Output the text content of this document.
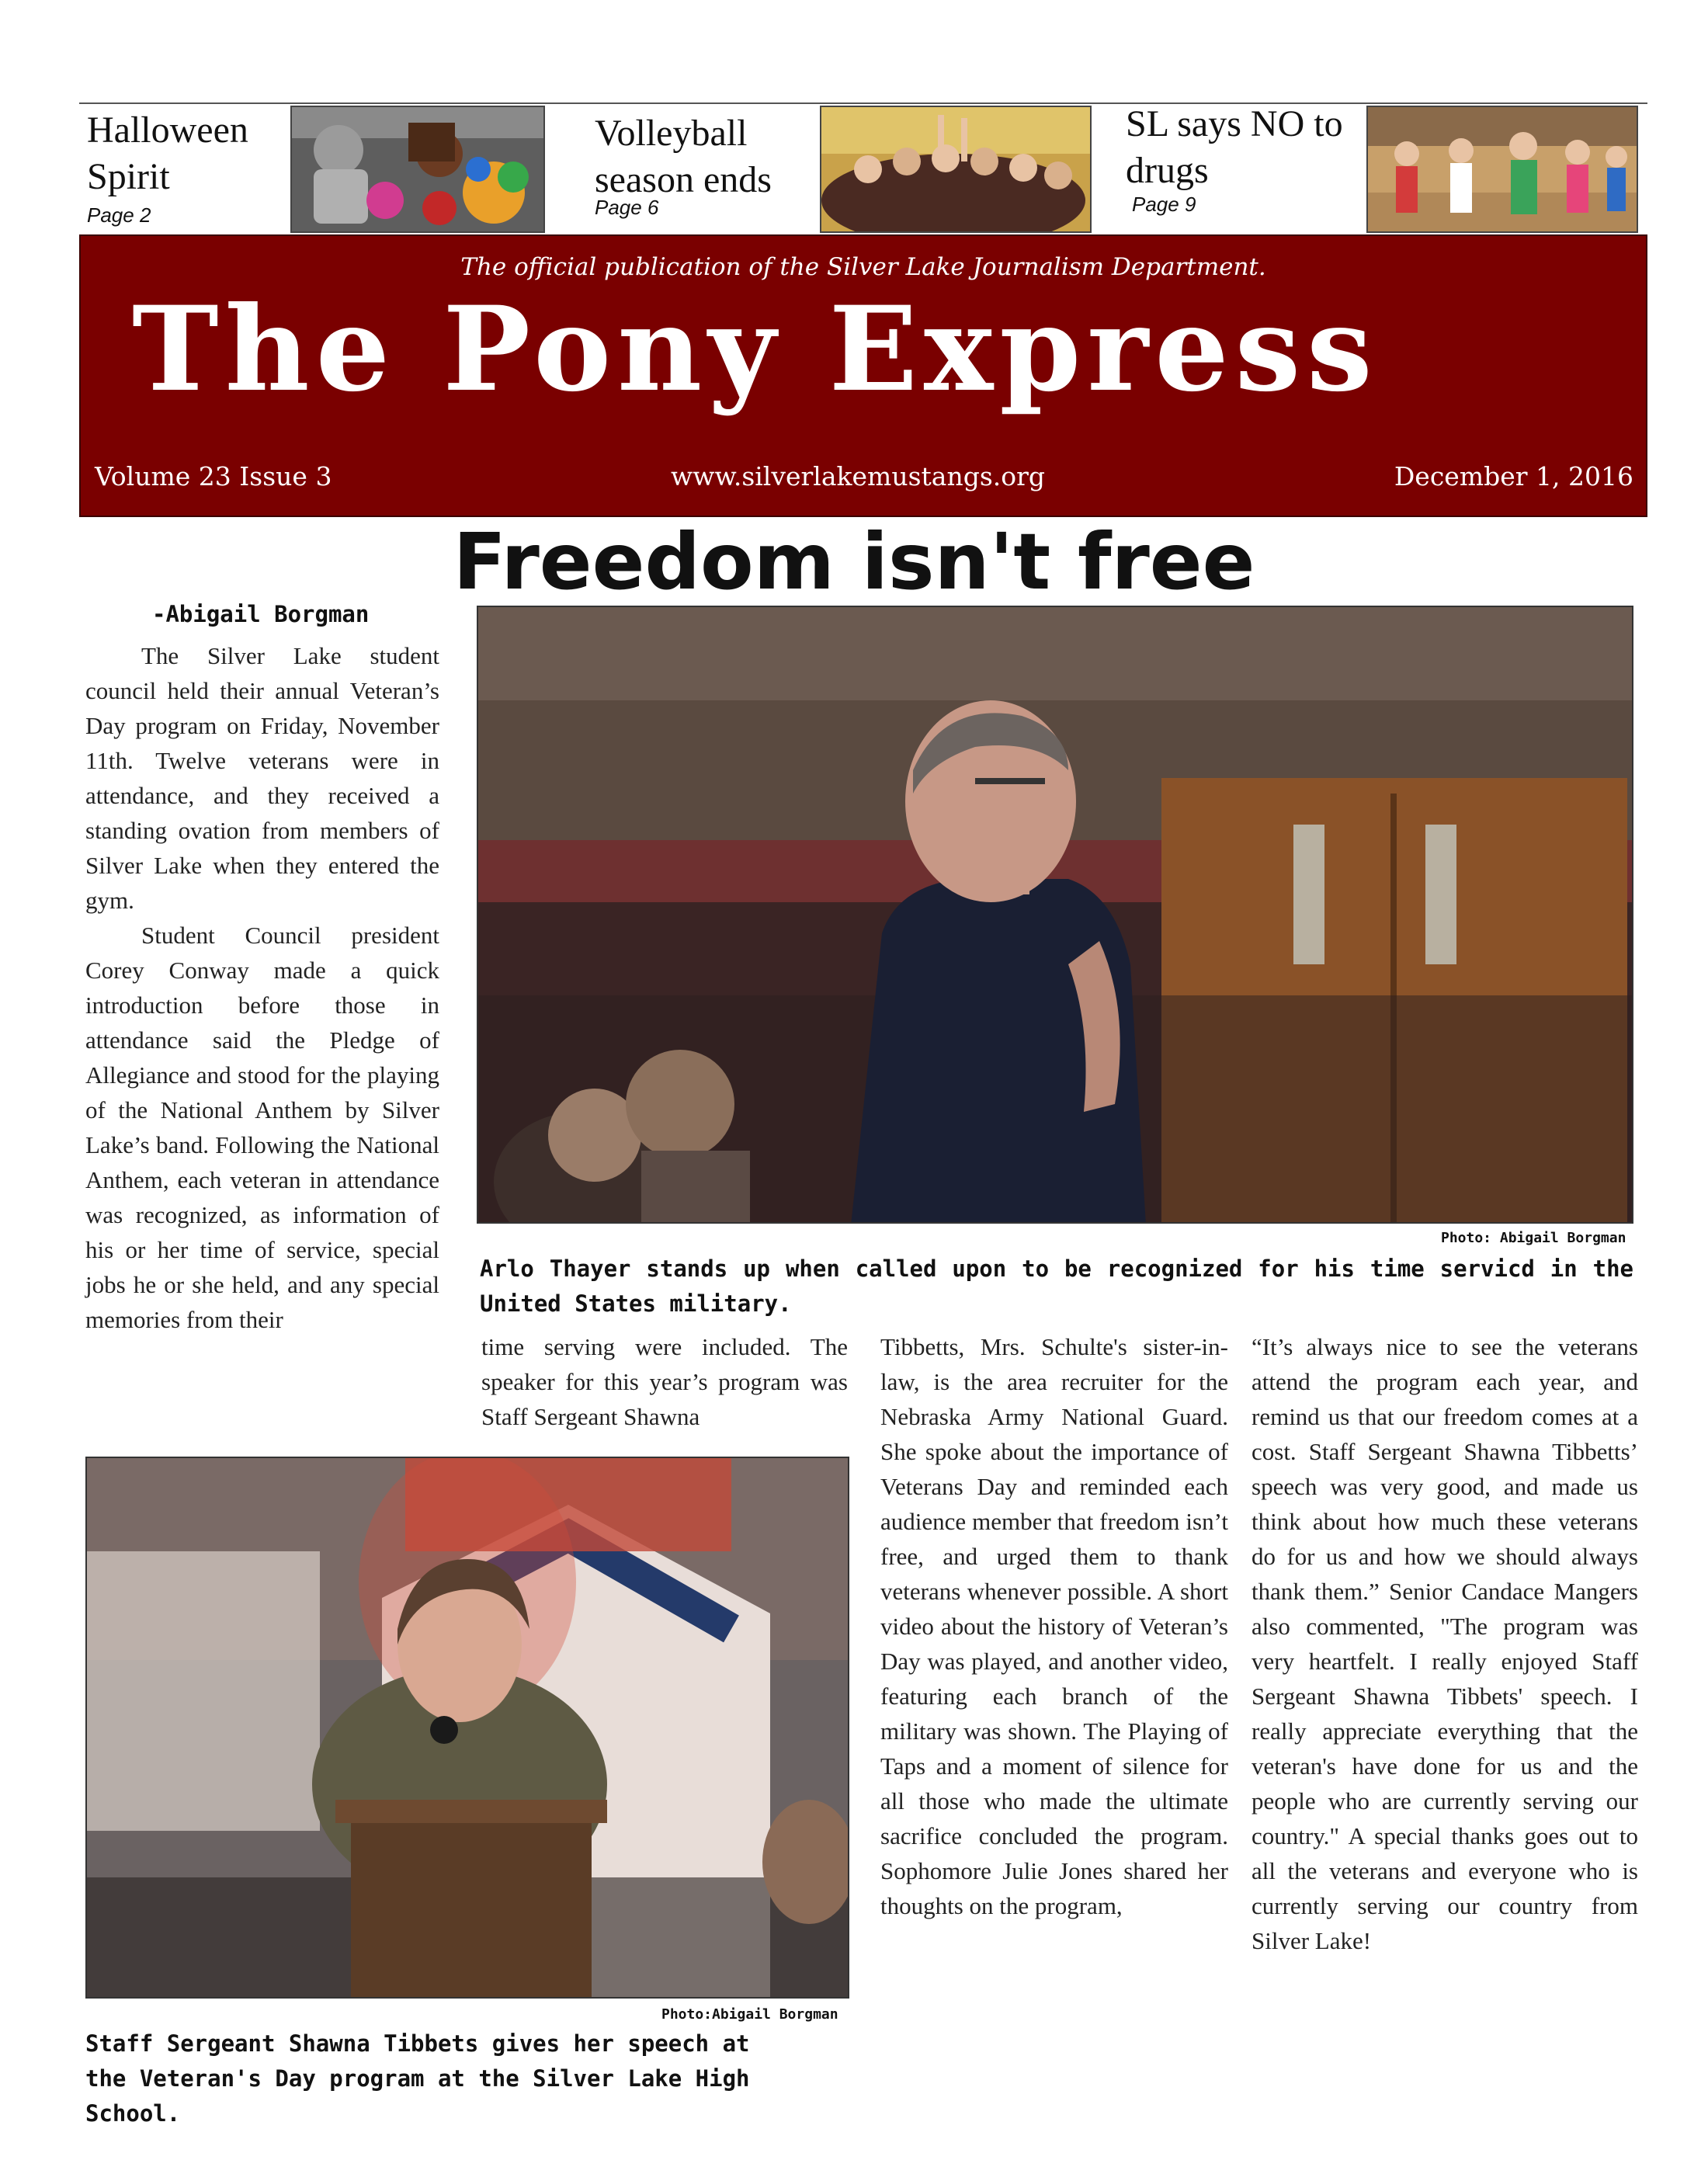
Halloween
Spirit
Page 2
Volleyball
season ends
Page 6
SL says NO to
drugs
Page 9
The official publication of the Silver Lake Journalism Department.
The Pony Express
Volume 23 Issue 3	www.silverlakemustangs.org	December 1, 2016
Freedom isn't free
-Abigail Borgman

The Silver Lake student council held their annual Veteran’s Day program on Friday, November 11th. Twelve veterans were in attendance, and they received a standing ovation from members of Silver Lake when they entered the gym.

Student Council president Corey Conway made a quick introduction before those in attendance said the Pledge of Allegiance and stood for the playing of the National Anthem by Silver Lake’s band. Following the National Anthem, each veteran in attendance was recognized, as information of his or her time of service, special jobs he or she held, and any special memories from their

Photo: Abigail Borgman
Arlo Thayer stands up when called upon to be recognized for his time servicd in the United States military.

time serving were included. The speaker for this year’s program was Staff Sergeant Shawna

Photo:Abigail Borgman
Staff Sergeant Shawna Tibbets gives her speech at the Veteran's Day program at the Silver Lake High School.

Tibbetts, Mrs. Schulte's sister-in-law, is the area recruiter for the Nebraska Army National Guard. She spoke about the importance of Veterans Day and reminded each audience member that freedom isn’t free, and urged them to thank veterans whenever possible. A short video about the history of Veteran’s Day was played, and another video, featuring each branch of the military was shown. The Playing of Taps and a moment of silence for all those who made the ultimate sacrifice concluded the program. Sophomore Julie Jones shared her thoughts on the program,

“It’s always nice to see the veterans attend the program each year, and remind us that our freedom comes at a cost. Staff Sergeant Shawna Tibbetts’ speech was very good, and made us think about how much these veterans do for us and how we should always thank them.” Senior Candace Mangers also commented, "The program was very heartfelt. I really enjoyed Staff Sergeant Shawna Tibbets' speech. I really appreciate everything that the veteran's have done for us and the people who are currently serving our country." A special thanks goes out to all the veterans and everyone who is currently serving our country from Silver Lake!
